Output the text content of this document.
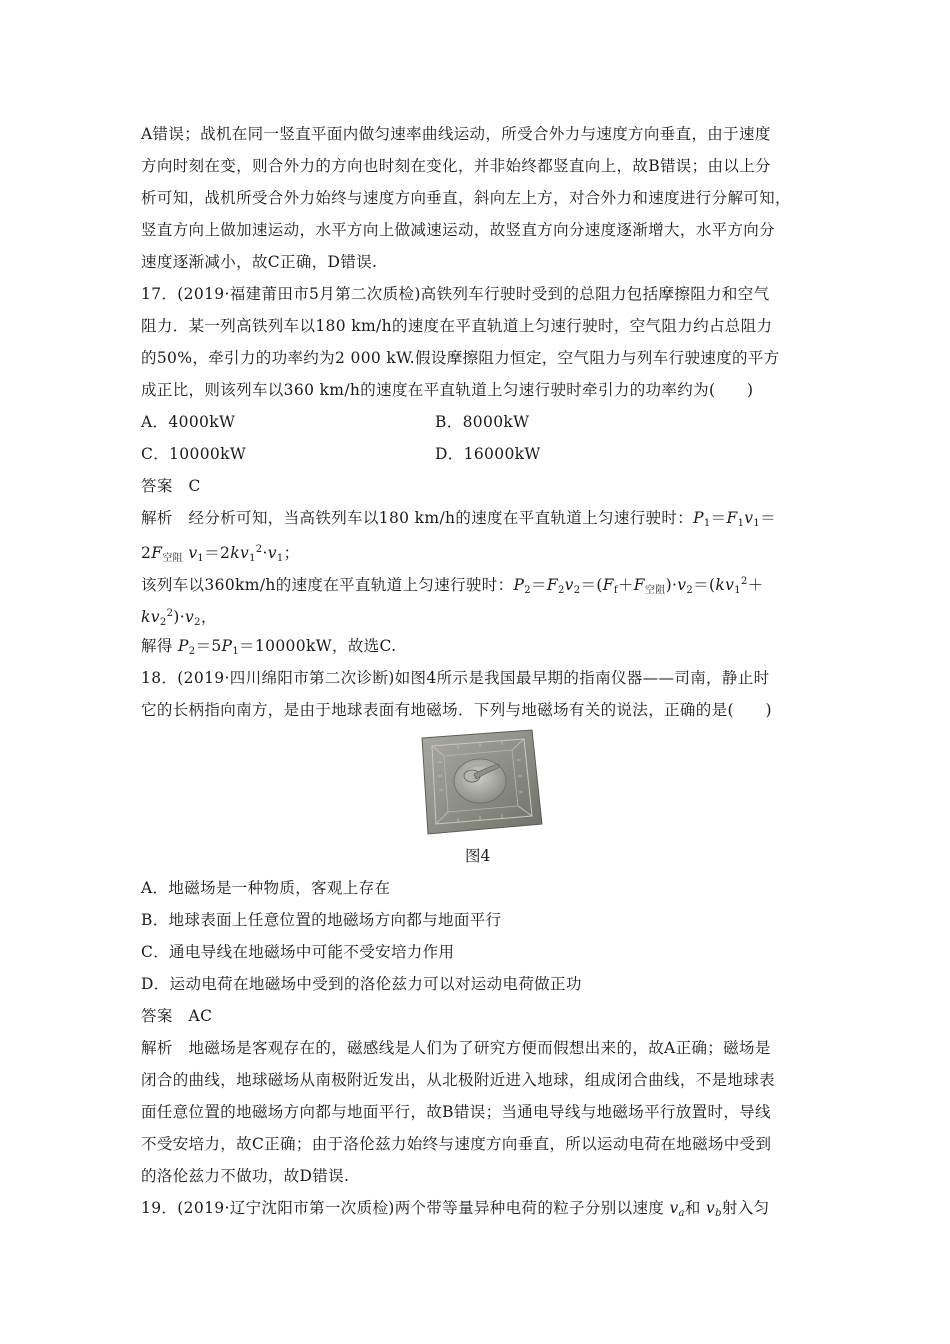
A错误；战机在同一竖直平面内做匀速率曲线运动，所受合外力与速度方向垂直，由于速度
方向时刻在变，则合外力的方向也时刻在变化，并非始终都竖直向上，故B错误；由以上分
析可知，战机所受合外力始终与速度方向垂直，斜向左上方，对合外力和速度进行分解可知，
竖直方向上做加速运动，水平方向上做减速运动，故竖直方向分速度逐渐增大，水平方向分
速度逐渐减小，故C正确，D错误.
17．(2019·福建莆田市5月第二次质检)高铁列车行驶时受到的总阻力包括摩擦阻力和空气
阻力．某一列高铁列车以180 km/h的速度在平直轨道上匀速行驶时，空气阻力约占总阻力
的50%，牵引力的功率约为2 000 kW.假设摩擦阻力恒定，空气阻力与列车行驶速度的平方
成正比，则该列车以360 km/h的速度在平直轨道上匀速行驶时牵引力的功率约为(　　)
A．4000kW	B．8000kW
C．10000kW	D．16000kW
答案　C
解析　经分析可知，当高铁列车以180 km/h的速度在平直轨道上匀速行驶时：P1＝F1v1＝
2F空阻 $v1=2kv1^2\cdot v1$；
该列车以360km/h的速度在平直轨道上匀速行驶时：P2＝F2v2＝(Ff＋F空阻)$\cdot v2=(kv1^2+$
$kv2^2)\cdot v2$，
解得 P2＝5P1＝10000kW，故选C.
18．(2019·四川绵阳市第二次诊断)如图4所示是我国最早期的指南仪器——司南，静止时
它的长柄指向南方，是由于地球表面有地磁场．下列与地磁场有关的说法，正确的是(　　)
图4
A．地磁场是一种物质，客观上存在
B．地球表面上任意位置的地磁场方向都与地面平行
C．通电导线在地磁场中可能不受安培力作用
D．运动电荷在地磁场中受到的洛伦兹力可以对运动电荷做正功
答案　AC
解析　地磁场是客观存在的，磁感线是人们为了研究方便而假想出来的，故A正确；磁场是
闭合的曲线，地球磁场从南极附近发出，从北极附近进入地球，组成闭合曲线，不是地球表
面任意位置的地磁场方向都与地面平行，故B错误；当通电导线与地磁场平行放置时，导线
不受安培力，故C正确；由于洛伦兹力始终与速度方向垂直，所以运动电荷在地磁场中受到
的洛伦兹力不做功，故D错误.
19．(2019·辽宁沈阳市第一次质检)两个带等量异种电荷的粒子分别以速度 $v_a$和 $v_b$射入匀
